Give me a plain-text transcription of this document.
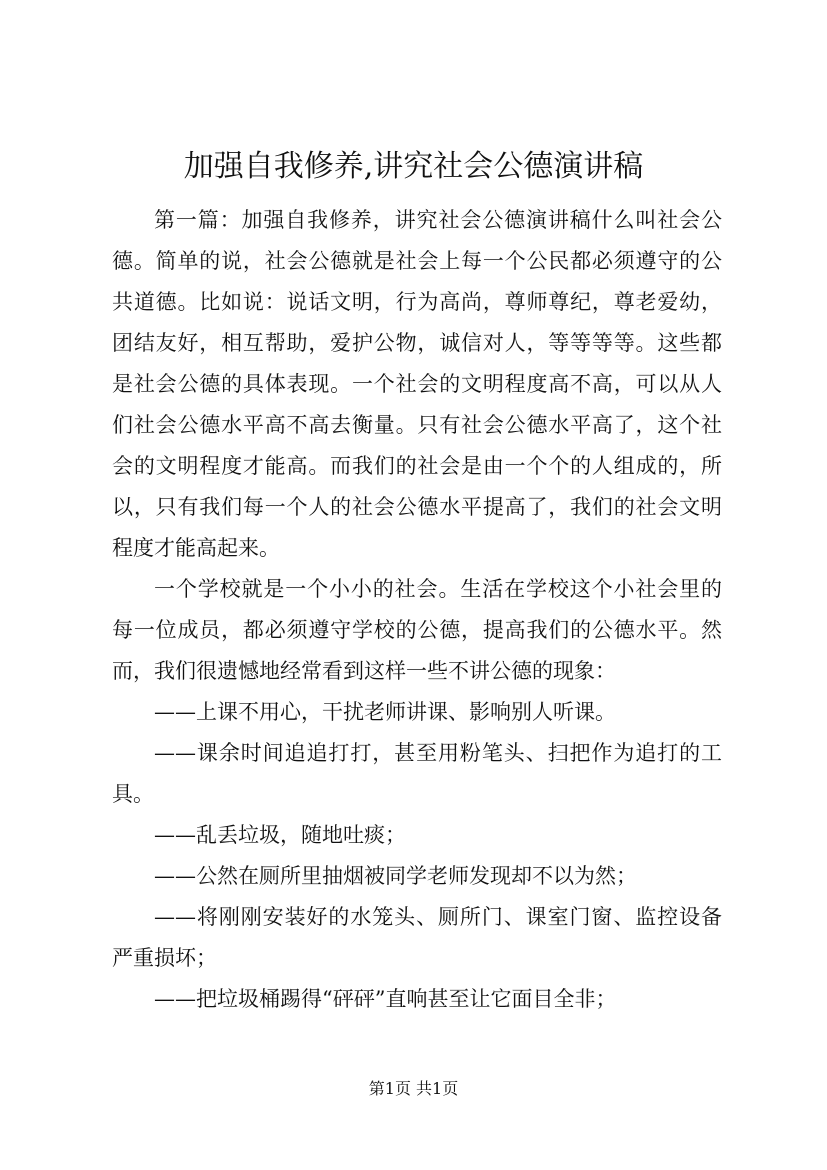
加强自我修养,讲究社会公德演讲稿
第一篇：加强自我修养，讲究社会公德演讲稿什么叫社会公
德。简单的说，社会公德就是社会上每一个公民都必须遵守的公
共道德。比如说：说话文明，行为高尚，尊师尊纪，尊老爱幼，
团结友好，相互帮助，爱护公物，诚信对人，等等等等。这些都
是社会公德的具体表现。一个社会的文明程度高不高，可以从人
们社会公德水平高不高去衡量。只有社会公德水平高了，这个社
会的文明程度才能高。而我们的社会是由一个个的人组成的，所
以，只有我们每一个人的社会公德水平提高了，我们的社会文明
程度才能高起来。
一个学校就是一个小小的社会。生活在学校这个小社会里的
每一位成员，都必须遵守学校的公德，提高我们的公德水平。然
而，我们很遗憾地经常看到这样一些不讲公德的现象：
——上课不用心，干扰老师讲课、影响别人听课。
——课余时间追追打打，甚至用粉笔头、扫把作为追打的工
具。
——乱丢垃圾，随地吐痰；
——公然在厕所里抽烟被同学老师发现却不以为然；
——将刚刚安装好的水笼头、厕所门、课室门窗、监控设备
严重损坏；
——把垃圾桶踢得“砰砰”直响甚至让它面目全非；
第1页 共1页
